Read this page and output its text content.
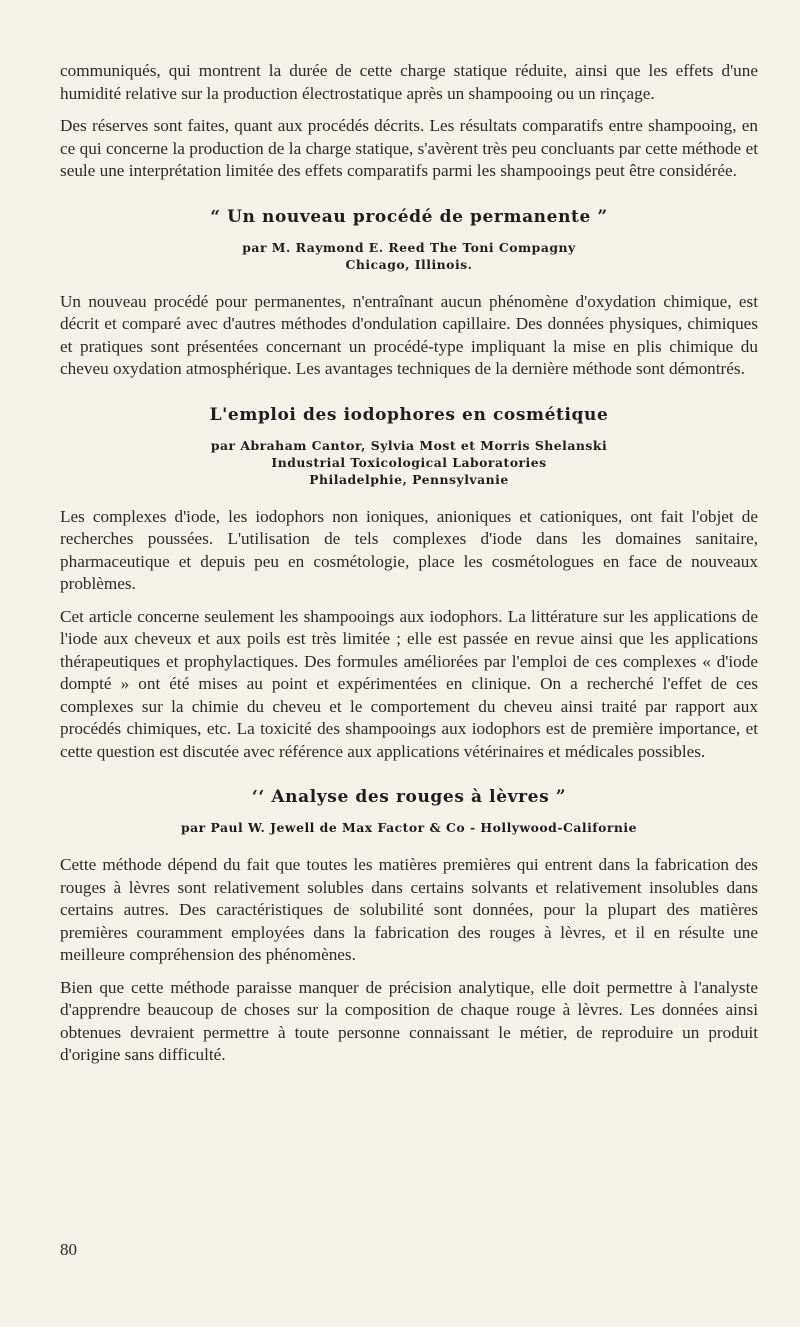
communiqués, qui montrent la durée de cette charge statique réduite, ainsi que les effets d'une humidité relative sur la production électrostatique après un shampooing ou un rinçage.

Des réserves sont faites, quant aux procédés décrits. Les résultats comparatifs entre shampooing, en ce qui concerne la production de la charge statique, s'avèrent très peu concluants par cette méthode et seule une interprétation limitée des effets comparatifs parmi les shampooings peut être considérée.

“ Un nouveau procédé de permanente ”
par M. Raymond E. Reed The Toni Compagny
Chicago, Illinois.

Un nouveau procédé pour permanentes, n'entraînant aucun phénomène d'oxydation chimique, est décrit et comparé avec d'autres méthodes d'ondulation capillaire. Des données physiques, chimiques et pratiques sont présentées concernant un procédé-type impliquant la mise en plis chimique du cheveu oxydation atmosphérique. Les avantages techniques de la dernière méthode sont démontrés.

L'emploi des iodophores en cosmétique
par Abraham Cantor, Sylvia Most et Morris Shelanski
Industrial Toxicological Laboratories
Philadelphie, Pennsylvanie

Les complexes d'iode, les iodophors non ioniques, anioniques et cationiques, ont fait l'objet de recherches poussées. L'utilisation de tels complexes d'iode dans les domaines sanitaire, pharmaceutique et depuis peu en cosmétologie, place les cosmétologues en face de nouveaux problèmes.

Cet article concerne seulement les shampooings aux iodophors. La littérature sur les applications de l'iode aux cheveux et aux poils est très limitée ; elle est passée en revue ainsi que les applications thérapeutiques et prophylactiques. Des formules améliorées par l'emploi de ces complexes « d'iode dompté » ont été mises au point et expérimentées en clinique. On a recherché l'effet de ces complexes sur la chimie du cheveu et le comportement du cheveu ainsi traité par rapport aux procédés chimiques, etc. La toxicité des shampooings aux iodophors est de première importance, et cette question est discutée avec référence aux applications vétérinaires et médicales possibles.

‘‘ Analyse des rouges à lèvres ”
par Paul W. Jewell de Max Factor & Co - Hollywood-Californie

Cette méthode dépend du fait que toutes les matières premières qui entrent dans la fabrication des rouges à lèvres sont relativement solubles dans certains solvants et relativement insolubles dans certains autres. Des caractéristiques de solubilité sont données, pour la plupart des matières premières couramment employées dans la fabrication des rouges à lèvres, et il en résulte une meilleure compréhension des phénomènes.

Bien que cette méthode paraisse manquer de précision analytique, elle doit permettre à l'analyste d'apprendre beaucoup de choses sur la composition de chaque rouge à lèvres. Les données ainsi obtenues devraient permettre à toute personne connaissant le métier, de reproduire un produit d'origine sans difficulté.

80
